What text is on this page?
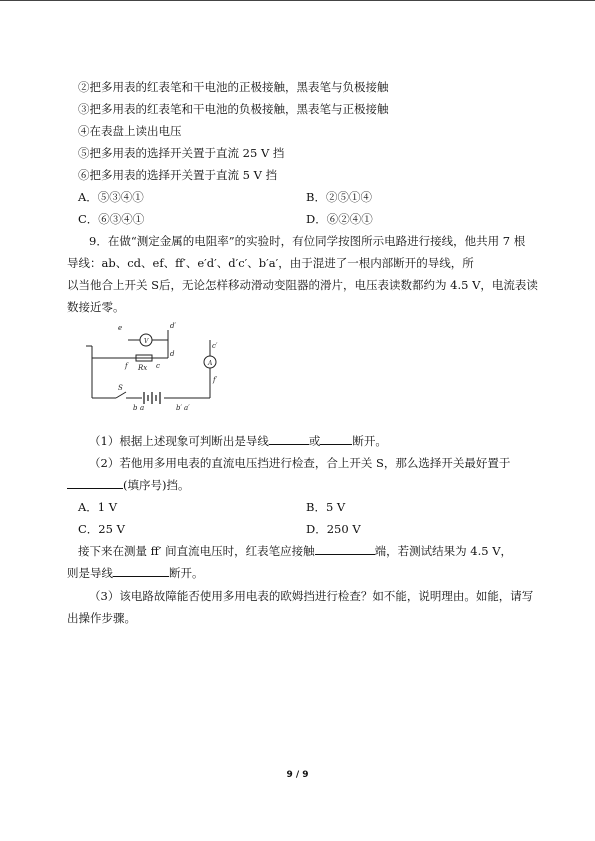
②把多用表的红表笔和干电池的正极接触，黑表笔与负极接触
③把多用表的红表笔和干电池的负极接触，黑表笔与正极接触
④在表盘上读出电压
⑤把多用表的选择开关置于直流 25 V 挡
⑥把多用表的选择开关置于直流 5 V 挡
A．⑤③④①	B．②⑤①④
C．⑥③④①	D．⑥②④①
9．在做“测定金属的电阻率”的实验时，有位同学按图所示电路进行接线，他共用 7 根
导线：ab、cd、ef、ff′、e′d′、d′c′、b′a′，由于混进了一根内部断开的导线，所
以当他合上开关 S后，无论怎样移动滑动变阻器的滑片，电压表读数都约为 4.5 V，电流表读
数接近零。
e	d′
V
d
A
c′
f Rx c
f′
S
b a	b′ a′
（1）根据上述现象可判断出是导线	或	断开。
（2）若他用多用电表的直流电压挡进行检查，合上开关 S，那么选择开关最好置于
(填序号)挡。
A．1 V	B．5 V
C．25 V	D．250 V
接下来在测量 ff′ 间直流电压时，红表笔应接触	端，若测试结果为 4.5 V，
则是导线	断开。
（3）该电路故障能否使用多用电表的欧姆挡进行检查？如不能，说明理由。如能，请写
出操作步骤。
9 / 9
